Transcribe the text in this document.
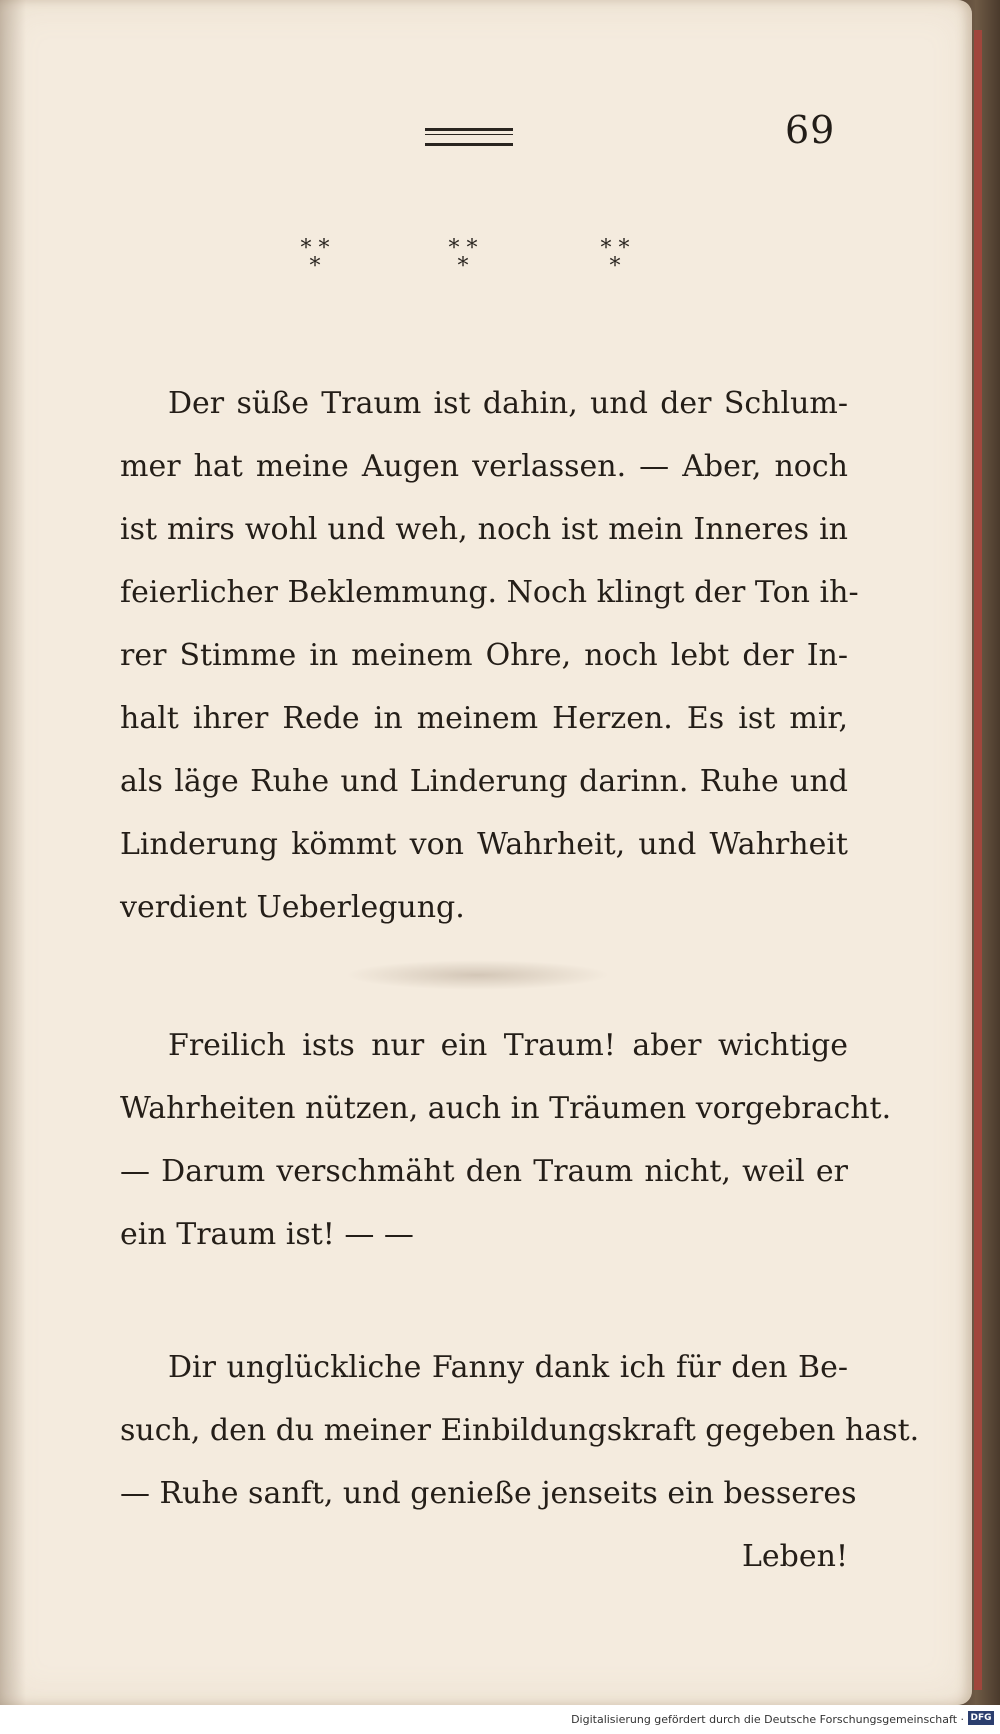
69
* *
*
* *
*
* *
*
Der süße Traum ist dahin, und der Schlum-
mer hat meine Augen verlassen. — Aber, noch
ist mirs wohl und weh, noch ist mein Inneres in
feierlicher Beklemmung. Noch klingt der Ton ih-
rer Stimme in meinem Ohre, noch lebt der In-
halt ihrer Rede in meinem Herzen. Es ist mir,
als läge Ruhe und Linderung darinn. Ruhe und
Linderung kömmt von Wahrheit, und Wahrheit
verdient Ueberlegung.
Freilich ists nur ein Traum! aber wichtige
Wahrheiten nützen, auch in Träumen vorgebracht.
— Darum verschmäht den Traum nicht, weil er
ein Traum ist! — —
Dir unglückliche Fanny dank ich für den Be-
such, den du meiner Einbildungskraft gegeben hast.
— Ruhe sanft, und genieße jenseits ein besseres
Leben!
Digitalisierung gefördert durch die Deutsche Forschungsgemeinschaft · DFG
